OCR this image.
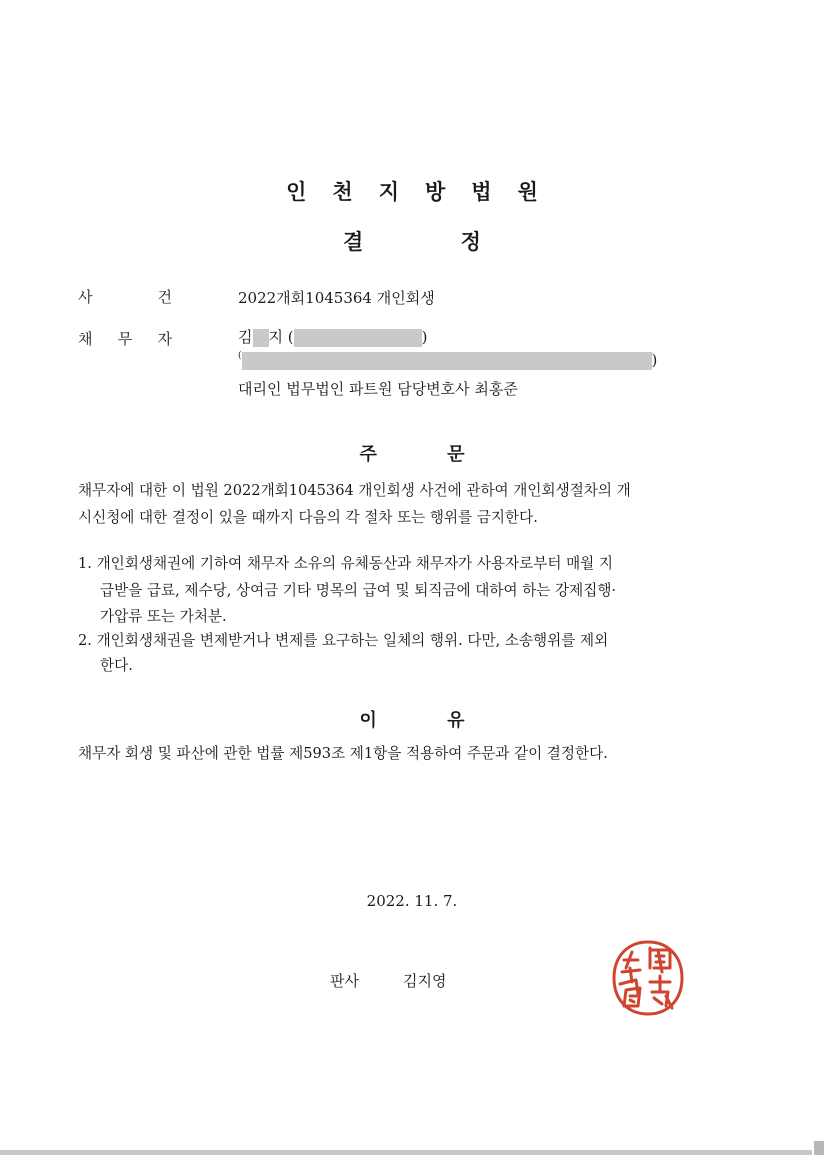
인천지방법원
결 정
사	건	2022개회1045364 개인회생
채 무 자	김 지 (	)
(	)
대리인 법무법인 파트원 담당변호사 최홍준
주 문
채무자에 대한 이 법원 2022개회1045364 개인회생 사건에 관하여 개인회생절차의 개
시신청에 대한 결정이 있을 때까지 다음의 각 절차 또는 행위를 금지한다.
1. 개인회생채권에 기하여 채무자 소유의 유체동산과 채무자가 사용자로부터 매월 지
급받을 급료, 제수당, 상여금 기타 명목의 급여 및 퇴직금에 대하여 하는 강제집행·
가압류 또는 가처분.
2. 개인회생채권을 변제받거나 변제를 요구하는 일체의 행위. 다만, 소송행위를 제외
한다.
이 유
채무자 회생 및 파산에 관한 법률 제593조 제1항을 적용하여 주문과 같이 결정한다.
2022. 11. 7.
판사	김지영
